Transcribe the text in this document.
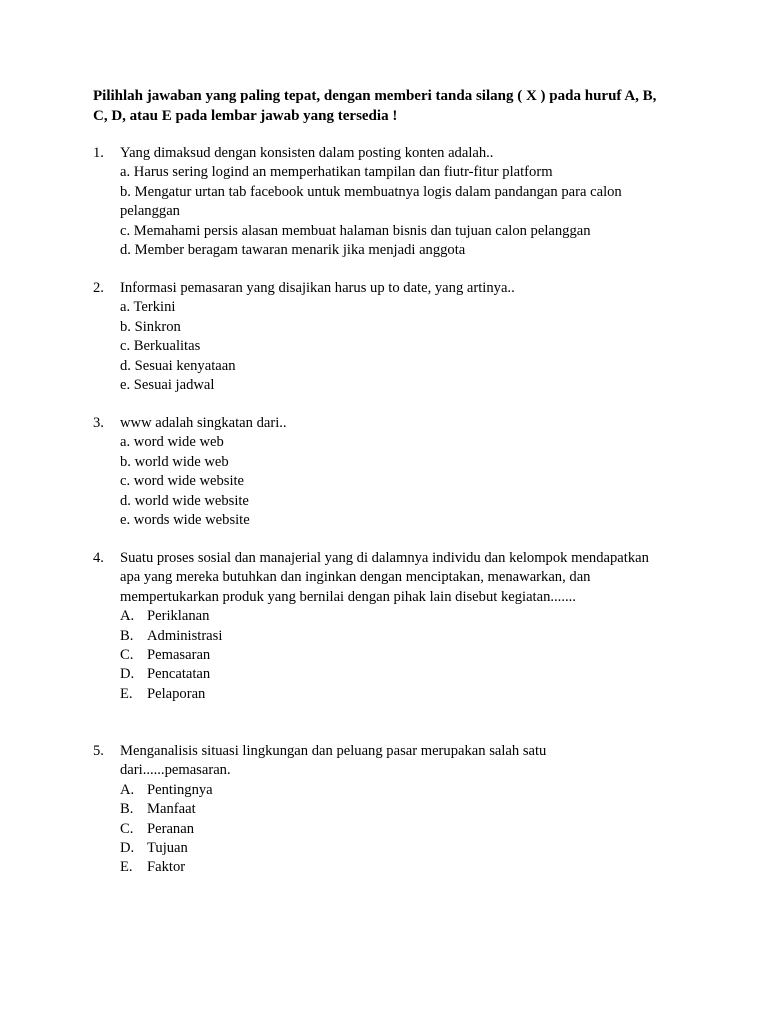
Pilihlah jawaban yang paling tepat, dengan memberi tanda silang ( X ) pada huruf A, B, C, D, atau E pada lembar jawab yang tersedia !
1. Yang dimaksud dengan konsisten dalam posting konten adalah..
a. Harus sering logind an memperhatikan tampilan dan fiutr-fitur platform
b. Mengatur urtan tab facebook untuk membuatnya logis dalam pandangan para calon pelanggan
c. Memahami persis alasan membuat halaman bisnis dan tujuan calon pelanggan
d. Member beragam tawaran menarik jika menjadi anggota
2. Informasi pemasaran yang disajikan harus up to date, yang artinya..
a. Terkini
b. Sinkron
c. Berkualitas
d. Sesuai kenyataan
e. Sesuai jadwal
3. www adalah singkatan dari..
a. word wide web
b. world wide web
c. word wide website
d. world wide website
e. words wide website
4. Suatu proses sosial dan manajerial yang di dalamnya individu dan kelompok mendapatkan apa yang mereka butuhkan dan inginkan dengan menciptakan, menawarkan, dan mempertukarkan produk yang bernilai dengan pihak lain disebut kegiatan.......
A. Periklanan
B. Administrasi
C. Pemasaran
D. Pencatatan
E. Pelaporan
5. Menganalisis situasi lingkungan dan peluang pasar merupakan salah satu dari......pemasaran.
A. Pentingnya
B. Manfaat
C. Peranan
D. Tujuan
E. Faktor
